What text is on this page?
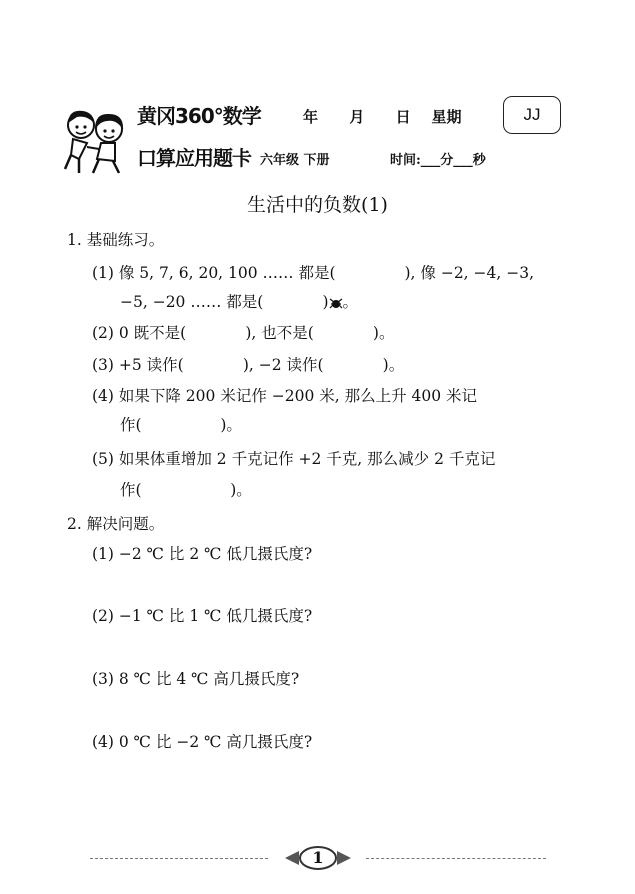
黄冈360°数学
口算应用题卡
年      月      日    星期	JJ
六年级 下册	时间:___分___秒
生活中的负数(1)
1. 基础练习。
(1) 像 5, 7, 6, 20, 100 …… 都是(              ), 像 −2, −4, −3,
−5, −20 …… 都是(            ) 。
(2) 0 既不是(            ), 也不是(            )。
(3) +5 读作(            ), −2 读作(            )。
(4) 如果下降 200 米记作 −200 米, 那么上升 400 米记
作(                )。
(5) 如果体重增加 2 千克记作 +2 千克, 那么减少 2 千克记
作(                  )。
2. 解决问题。
(1) −2 ℃ 比 2 ℃ 低几摄氏度?
(2) −1 ℃ 比 1 ℃ 低几摄氏度?
(3) 8 ℃ 比 4 ℃ 高几摄氏度?
(4) 0 ℃ 比 −2 ℃ 高几摄氏度?
1
